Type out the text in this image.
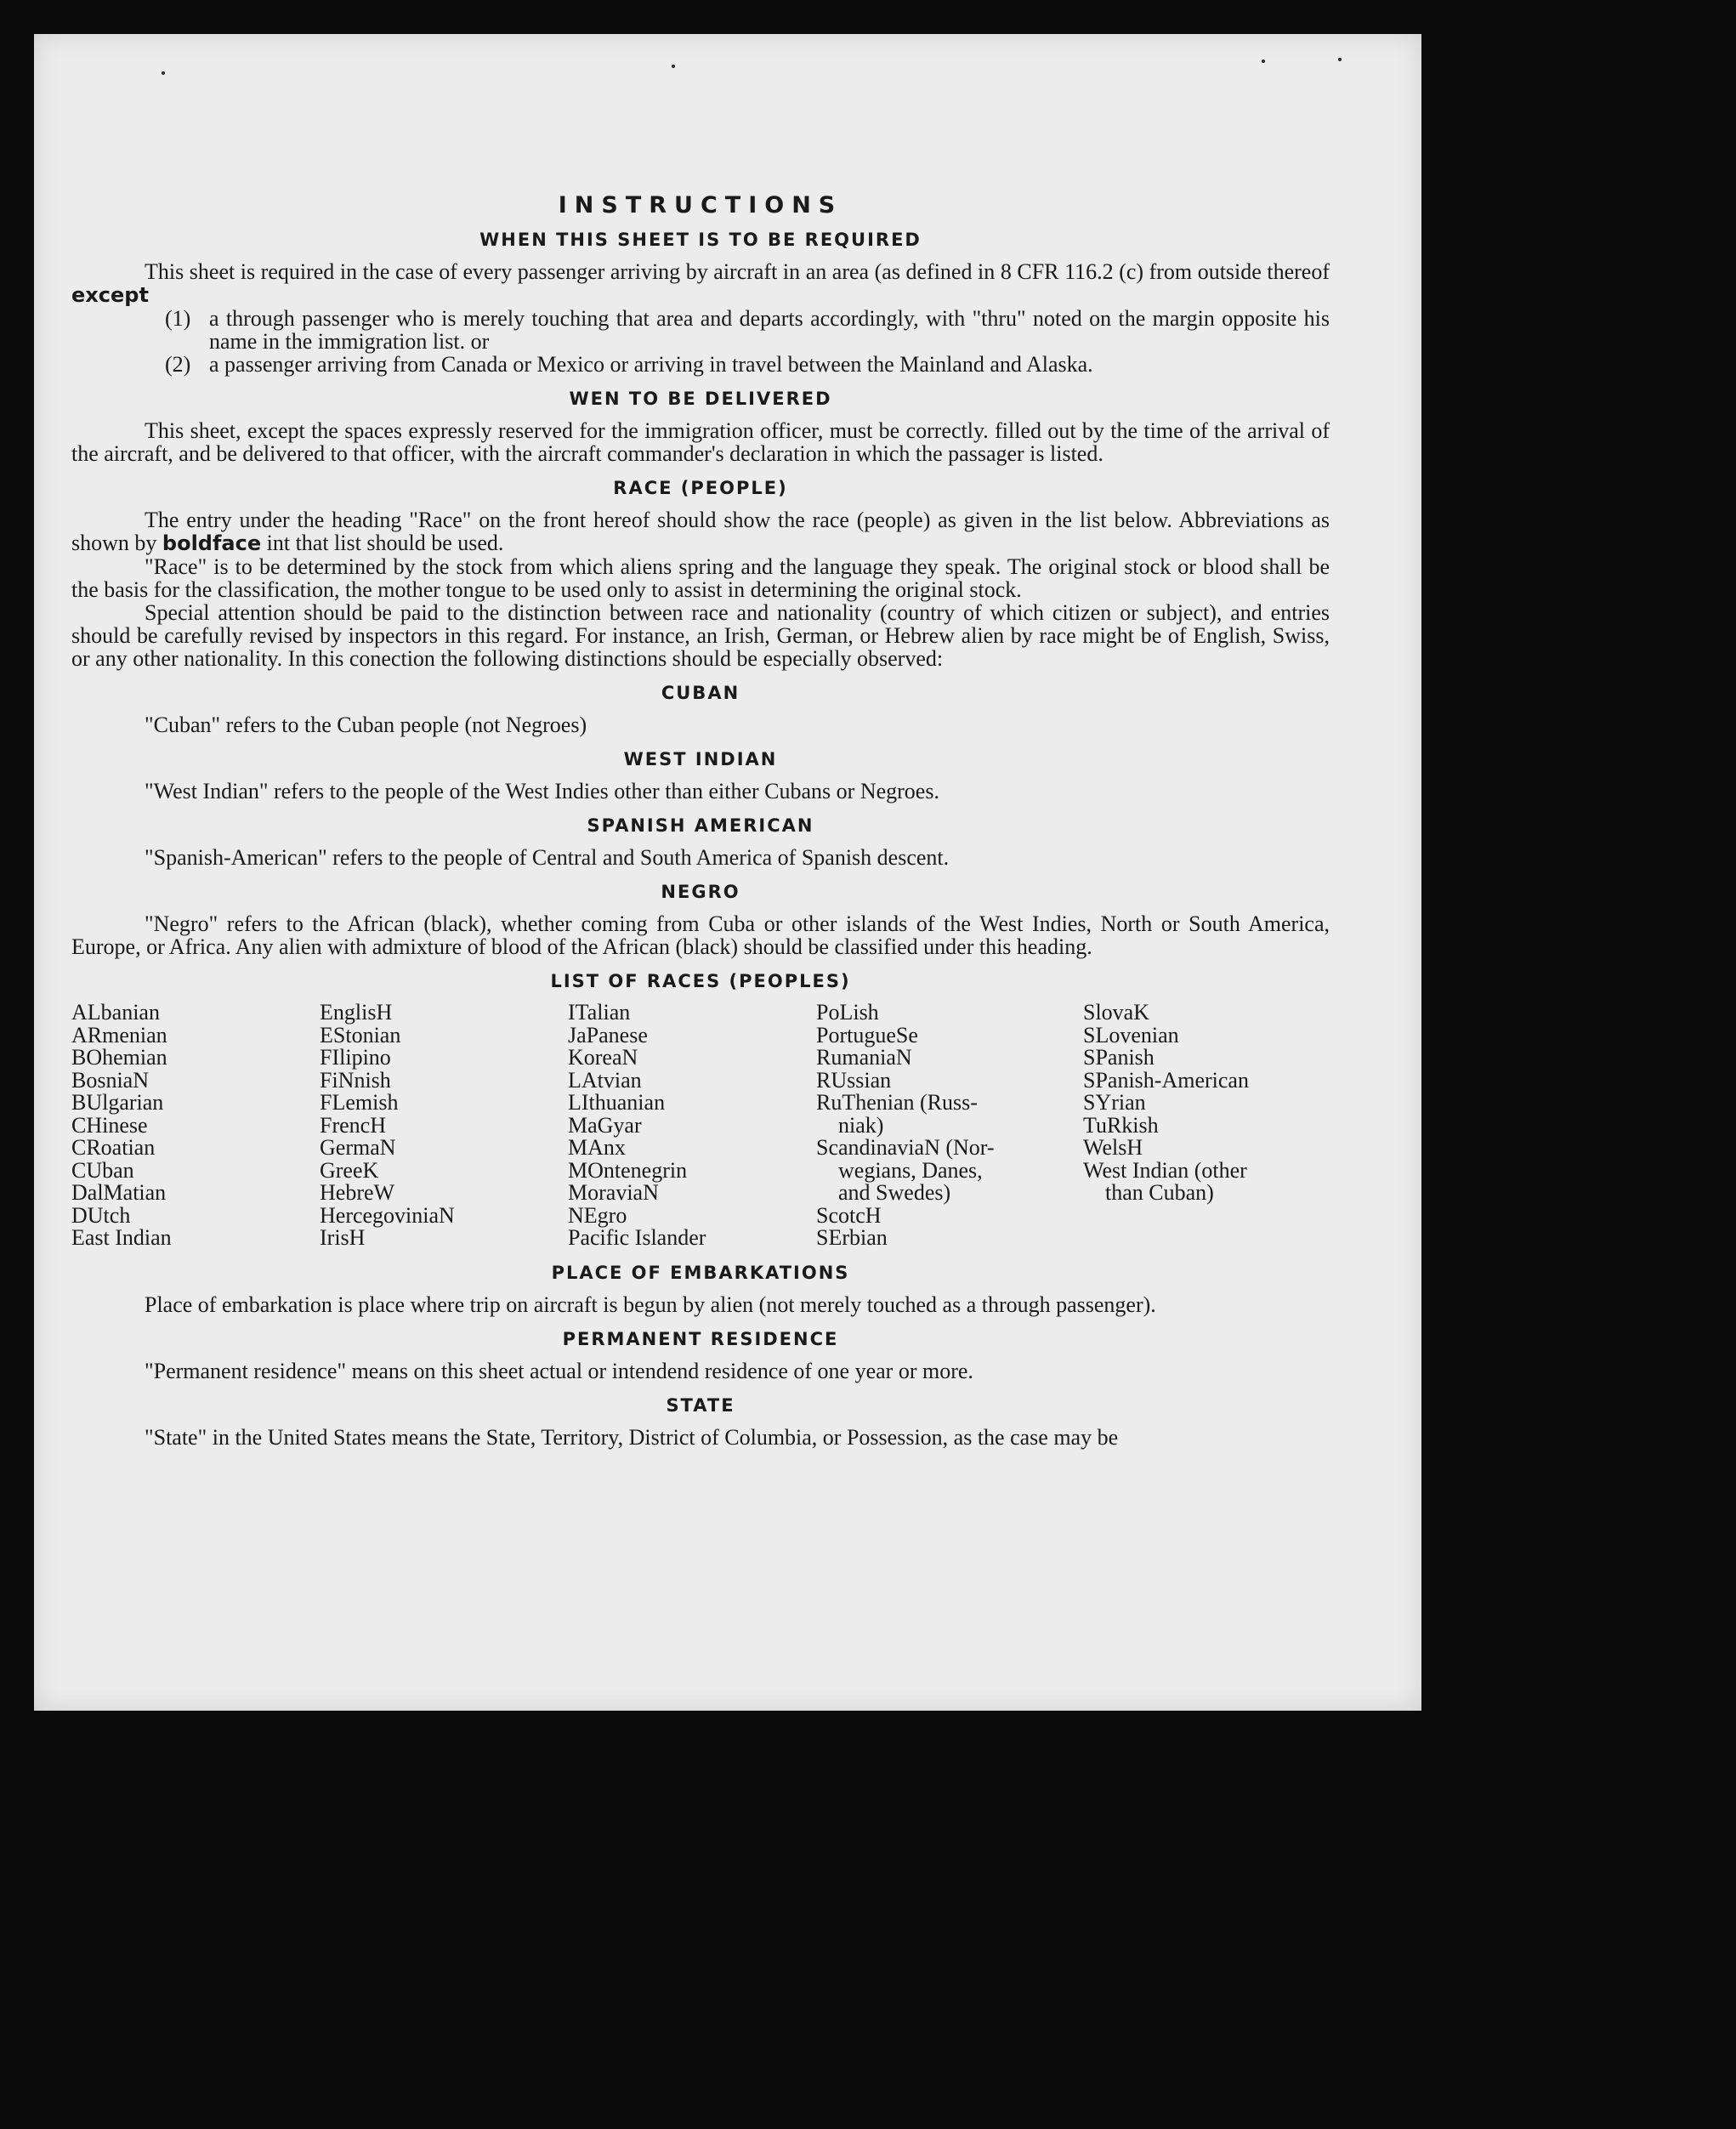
INSTRUCTIONS
WHEN THIS SHEET IS TO BE REQUIRED

This sheet is required in the case of every passenger arriving by aircraft in an area (as defined in 8 CFR 116.2 (c) from outside thereof except

(1) a through passenger who is merely touching that area and departs accordingly, with "thru" noted on the margin opposite his name in the immigration list. or
(2) a passenger arriving from Canada or Mexico or arriving in travel between the Mainland and Alaska.
WEN TO BE DELIVERED

This sheet, except the spaces expressly reserved for the immigration officer, must be correctly. filled out by the time of the arrival of the aircraft, and be delivered to that officer, with the aircraft commander's declaration in which the passager is listed.

RACE (PEOPLE)

The entry under the heading "Race" on the front hereof should show the race (people) as given in the list below. Abbreviations as shown by boldface int that list should be used.

"Race" is to be determined by the stock from which aliens spring and the language they speak. The original stock or blood shall be the basis for the classification, the mother tongue to be used only to assist in determining the original stock.

Special attention should be paid to the distinction between race and nationality (country of which citizen or subject), and entries should be carefully revised by inspectors in this regard. For instance, an Irish, German, or Hebrew alien by race might be of English, Swiss, or any other nationality. In this conection the following distinctions should be especially observed:

CUBAN

"Cuban" refers to the Cuban people (not Negroes)

WEST INDIAN

"West Indian" refers to the people of the West Indies other than either Cubans or Negroes.

SPANISH AMERICAN

"Spanish-American" refers to the people of Central and South America of Spanish descent.

NEGRO

"Negro" refers to the African (black), whether coming from Cuba or other islands of the West Indies, North or South America, Europe, or Africa. Any alien with admixture of blood of the African (black) should be classified under this heading.

LIST OF RACES (PEOPLES)
ALbanian
ARmenian
BOhemian
BosniaN
BUlgarian
CHinese
CRoatian
CUban
DalMatian
DUtch
East Indian
EnglisH
EStonian
FIlipino
FiNnish
FLemish
FrencH
GermaN
GreeK
HebreW
HercegoviniaN
IrisH
ITalian
JaPanese
KoreaN
LAtvian
LIthuanian
MaGyar
MAnx
MOntenegrin
MoraviaN
NEgro
Pacific Islander
PoLish
PortugueSe
RumaniaN
RUssian
RuThenian (Russ-
niak)
ScandinaviaN (Nor-
wegians, Danes,
and Swedes)
ScotcH
SErbian
SlovaK
SLovenian
SPanish
SPanish-American
SYrian
TuRkish
WelsH
West Indian (other
than Cuban)
PLACE OF EMBARKATIONS

Place of embarkation is place where trip on aircraft is begun by alien (not merely touched as a through passenger).

PERMANENT RESIDENCE

"Permanent residence" means on this sheet actual or intendend residence of one year or more.

STATE

"State" in the United States means the State, Territory, District of Columbia, or Possession, as the case may be
